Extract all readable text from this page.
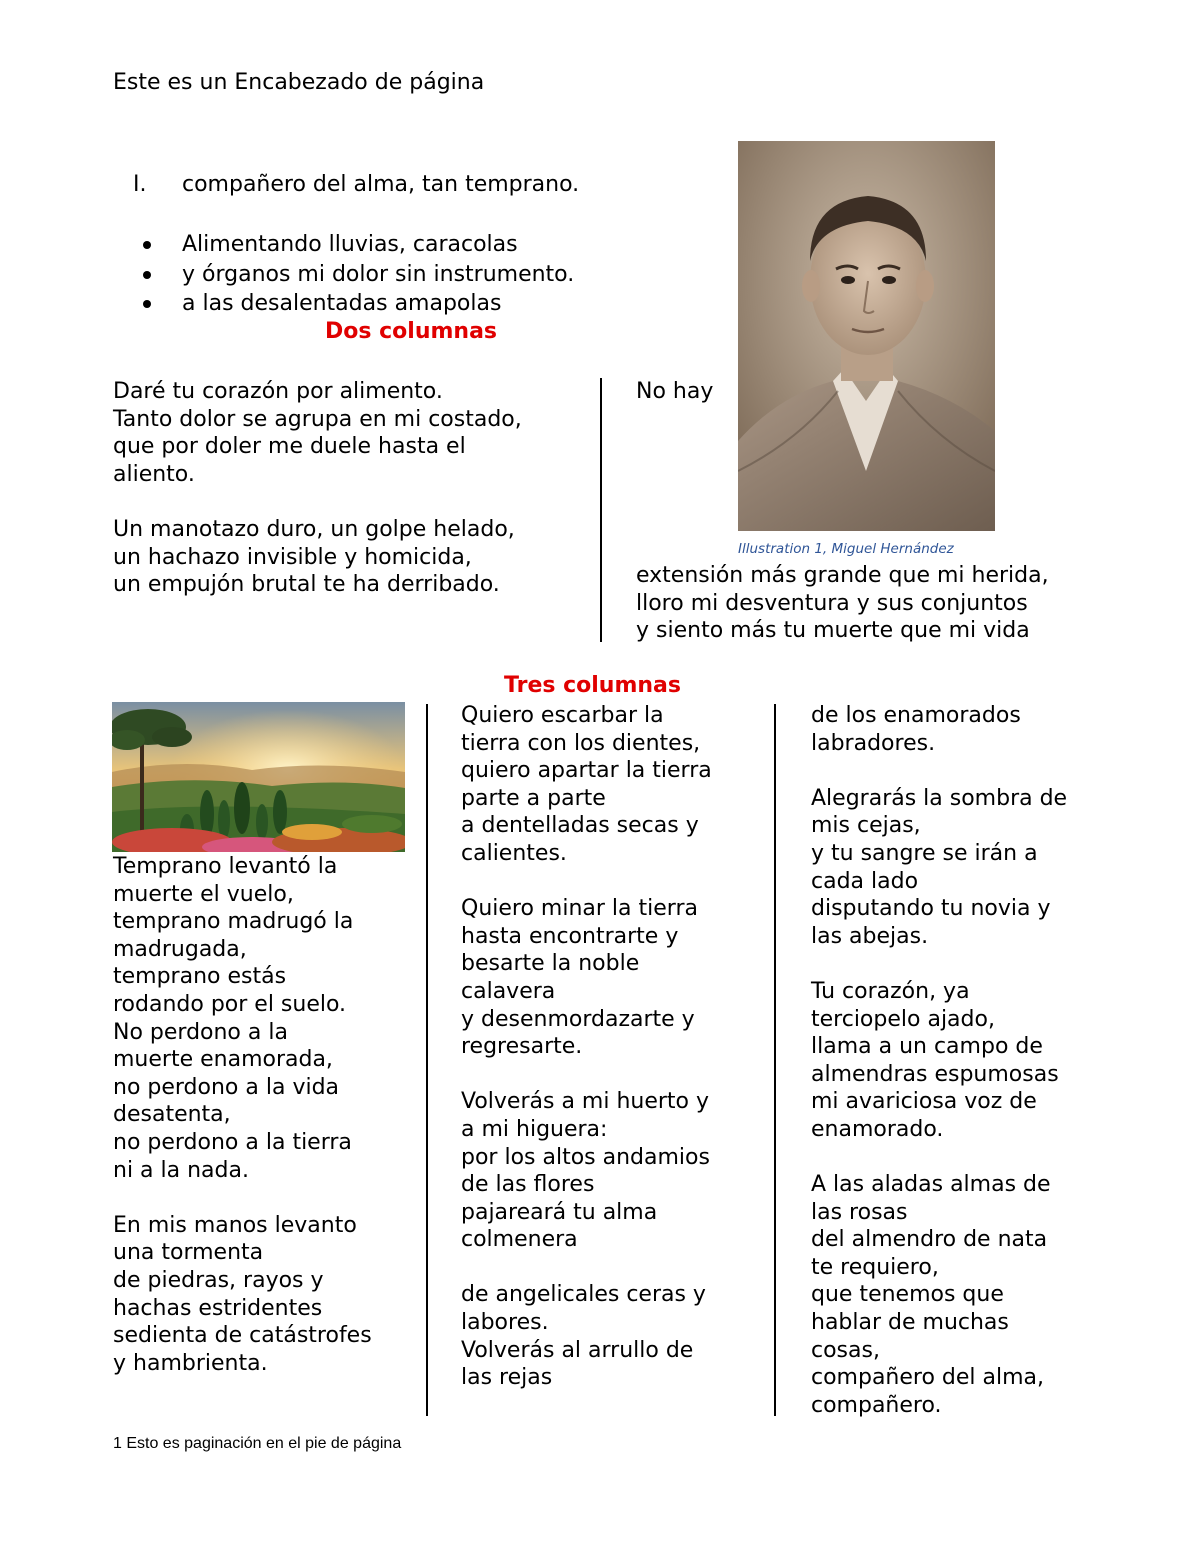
Este es un Encabezado de página
I. compañero del alma, tan temprano.
Alimentando lluvias, caracolas
y órganos mi dolor sin instrumento.
a las desalentadas amapolas
Illustration 1, Miguel Hernández
Dos columnas
Daré tu corazón por alimento.
Tanto dolor se agrupa en mi costado,
que por doler me duele hasta el
aliento.

Un manotazo duro, un golpe helado,
un hachazo invisible y homicida,
un empujón brutal te ha derribado.
No hay
extensión más grande que mi herida,
lloro mi desventura y sus conjuntos
y siento más tu muerte que mi vida
Tres columnas
Temprano levantó la
muerte el vuelo,
temprano madrugó la
madrugada,
temprano estás
rodando por el suelo.
No perdono a la
muerte enamorada,
no perdono a la vida
desatenta,
no perdono a la tierra
ni a la nada.

En mis manos levanto
una tormenta
de piedras, rayos y
hachas estridentes
sedienta de catástrofes
y hambrienta.
Quiero escarbar la
tierra con los dientes,
quiero apartar la tierra
parte a parte
a dentelladas secas y
calientes.

Quiero minar la tierra
hasta encontrarte y
besarte la noble
calavera
y desenmordazarte y
regresarte.

Volverás a mi huerto y
a mi higuera:
por los altos andamios
de las flores
pajareará tu alma
colmenera

de angelicales ceras y
labores.
Volverás al arrullo de
las rejas
de los enamorados
labradores.

Alegrarás la sombra de
mis cejas,
y tu sangre se irán a
cada lado
disputando tu novia y
las abejas.

Tu corazón, ya
terciopelo ajado,
llama a un campo de
almendras espumosas
mi avariciosa voz de
enamorado.

A las aladas almas de
las rosas
del almendro de nata
te requiero,
que tenemos que
hablar de muchas
cosas,
compañero del alma,
compañero.
1 Esto es paginación en el pie de página
